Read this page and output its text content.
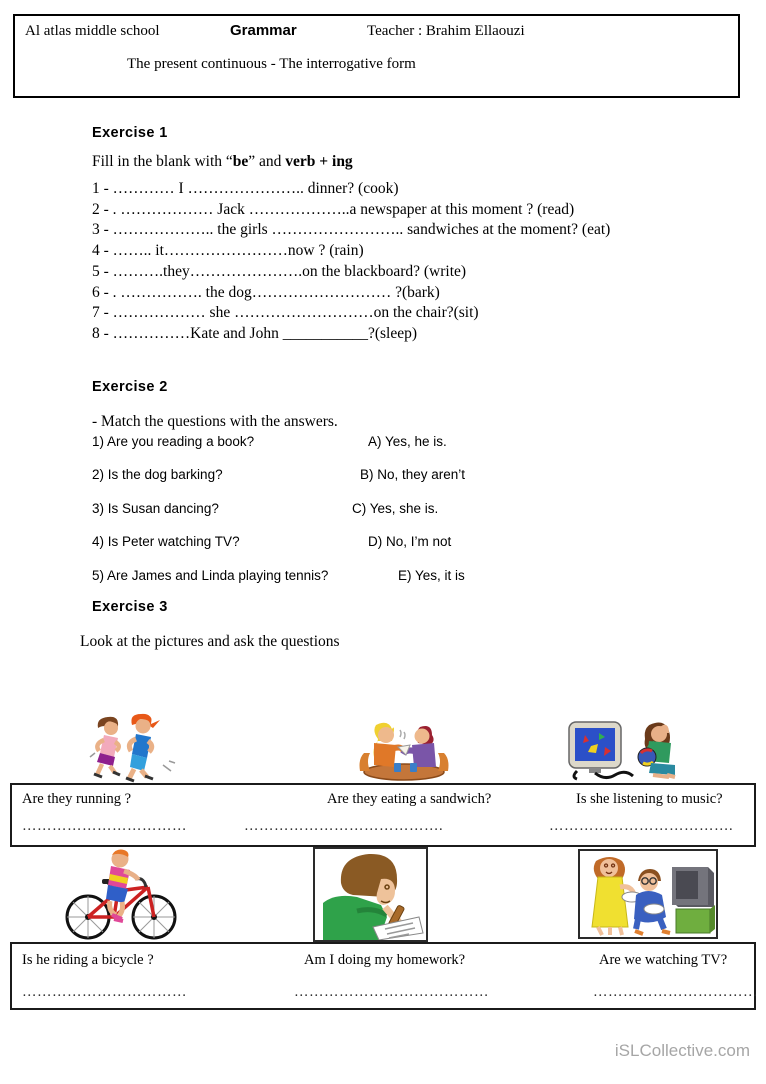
Al atlas middle school	Grammar	Teacher : Brahim Ellaouzi
The present continuous - The interrogative form
Exercise 1
Fill in the blank with “be” and verb + ing
1 - ………… I ………………….. dinner? (cook)
2 - . ……………… Jack ………………..a newspaper at this moment ? (read)
3 - ……………….. the girls …………………….. sandwiches at the moment? (eat)
4 - …….. it……………………now ? (rain)
5 - ……….they………………….on the blackboard? (write)
6 - . ……………. the dog……………………… ?(bark)
7 - ……………… she ………………………on the chair?(sit)
8 - ……………Kate and John ___________?(sleep)
Exercise 2
- Match the questions with the answers.
1) Are you reading a book?	A) Yes, he is.
2) Is the dog barking?	B) No, they aren’t
3) Is Susan dancing?	C) Yes, she is.
4) Is Peter watching TV?	D) No, I’m not
5) Are James and Linda playing tennis?	E) Yes, it is
Exercise 3
Look at the pictures and ask the questions
Are they running ?	Are they eating a sandwich?	Is she listening to music?
……………………………	………………………………….	……………………………….
Is he riding a bicycle ?	Am I doing my homework?	Are we watching TV?
……………………………	…………………………………	……………………………
iSLCollective.com
